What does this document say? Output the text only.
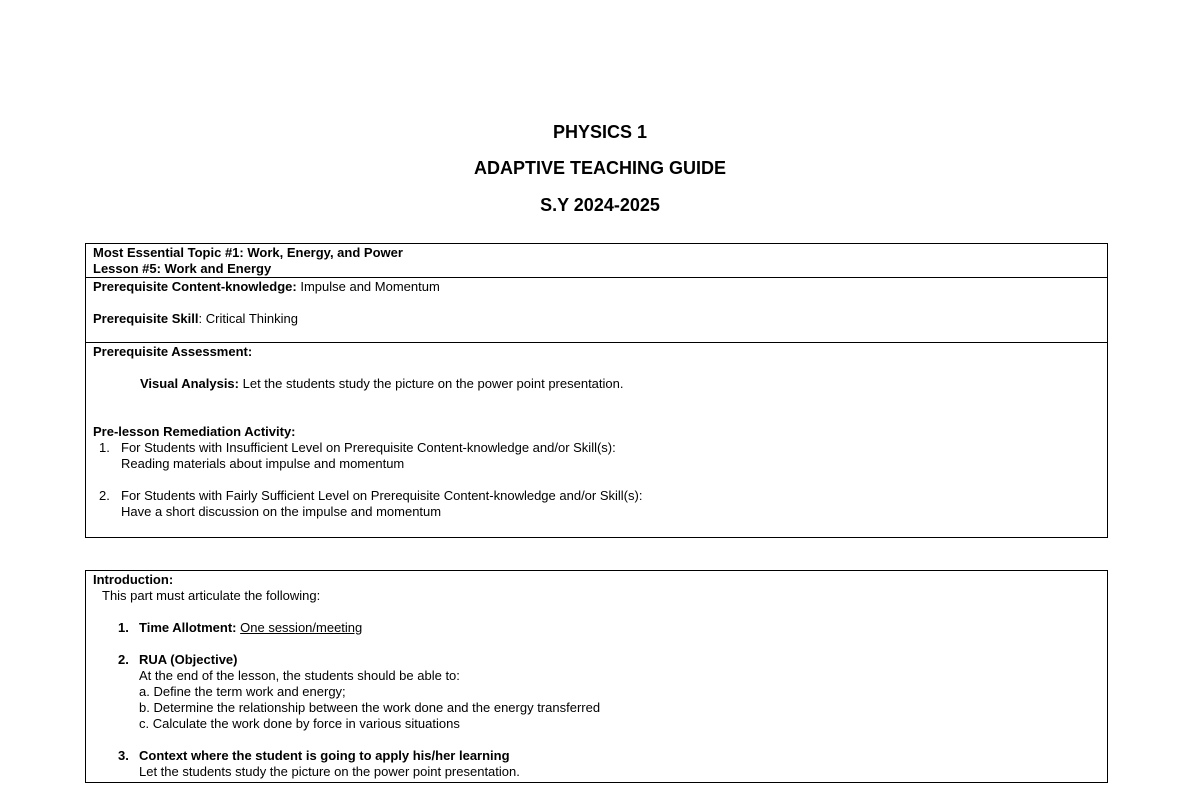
PHYSICS 1
ADAPTIVE TEACHING GUIDE
S.Y 2024-2025
Most Essential Topic #1: Work, Energy, and Power
Lesson #5: Work and Energy
Prerequisite Content-knowledge: Impulse and Momentum
Prerequisite Skill: Critical Thinking
Prerequisite Assessment:
Visual Analysis: Let the students study the picture on the power point presentation.
Pre-lesson Remediation Activity:
1. For Students with Insufficient Level on Prerequisite Content-knowledge and/or Skill(s):
Reading materials about impulse and momentum
2. For Students with Fairly Sufficient Level on Prerequisite Content-knowledge and/or Skill(s):
Have a short discussion on the impulse and momentum
Introduction:
This part must articulate the following:
1. Time Allotment: One session/meeting
2. RUA (Objective)
At the end of the lesson, the students should be able to:
a. Define the term work and energy;
b. Determine the relationship between the work done and the energy transferred
c. Calculate the work done by force in various situations
3. Context where the student is going to apply his/her learning
Let the students study the picture on the power point presentation.
